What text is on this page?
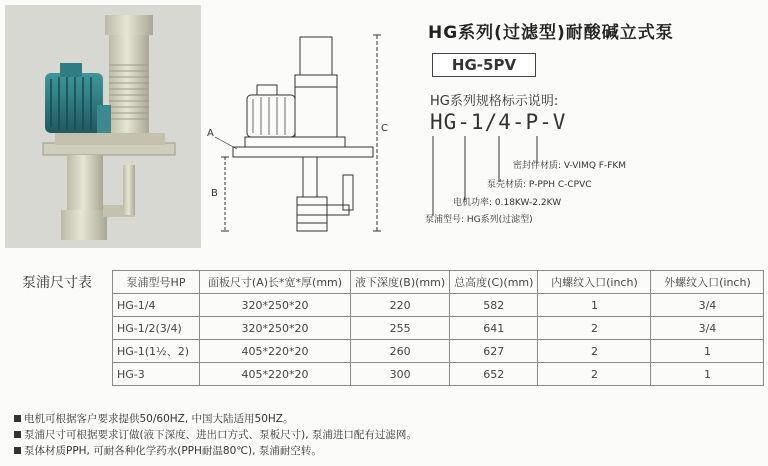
A
B
C
HG系列(过滤型)耐酸碱立式泵
HG-5PV
HG系列规格标示说明:
HG-1/4-P-V
密封件材质: V-VIMQ F-FKM
泵壳材质: P-PPH C-CPVC
电机功率: 0.18KW-2.2KW
泵浦型号: HG系列(过滤型)
泵浦尺寸表	泵浦型号HP	面板尺寸(A)长*宽*厚(mm)	液下深度(B)(mm)	总高度(C)(mm)	内螺纹入口(inch)	外螺纹入口(inch)
HG-1/4	320*250*20	220	582	1	3/4
HG-1/2(3/4)	320*250*20	255	641	2	3/4
HG-1(1½、2)	405*220*20	260	627	2	1
HG-3	405*220*20	300	652	2	1
电机可根据客户要求提供50/60HZ, 中国大陆适用50HZ。
泵浦尺寸可根据要求订做(液下深度、进出口方式、泵板尺寸), 泵浦进口配有过滤网。
泵体材质PPH, 可耐各种化学药水(PPH耐温80℃), 泵浦耐空转。
